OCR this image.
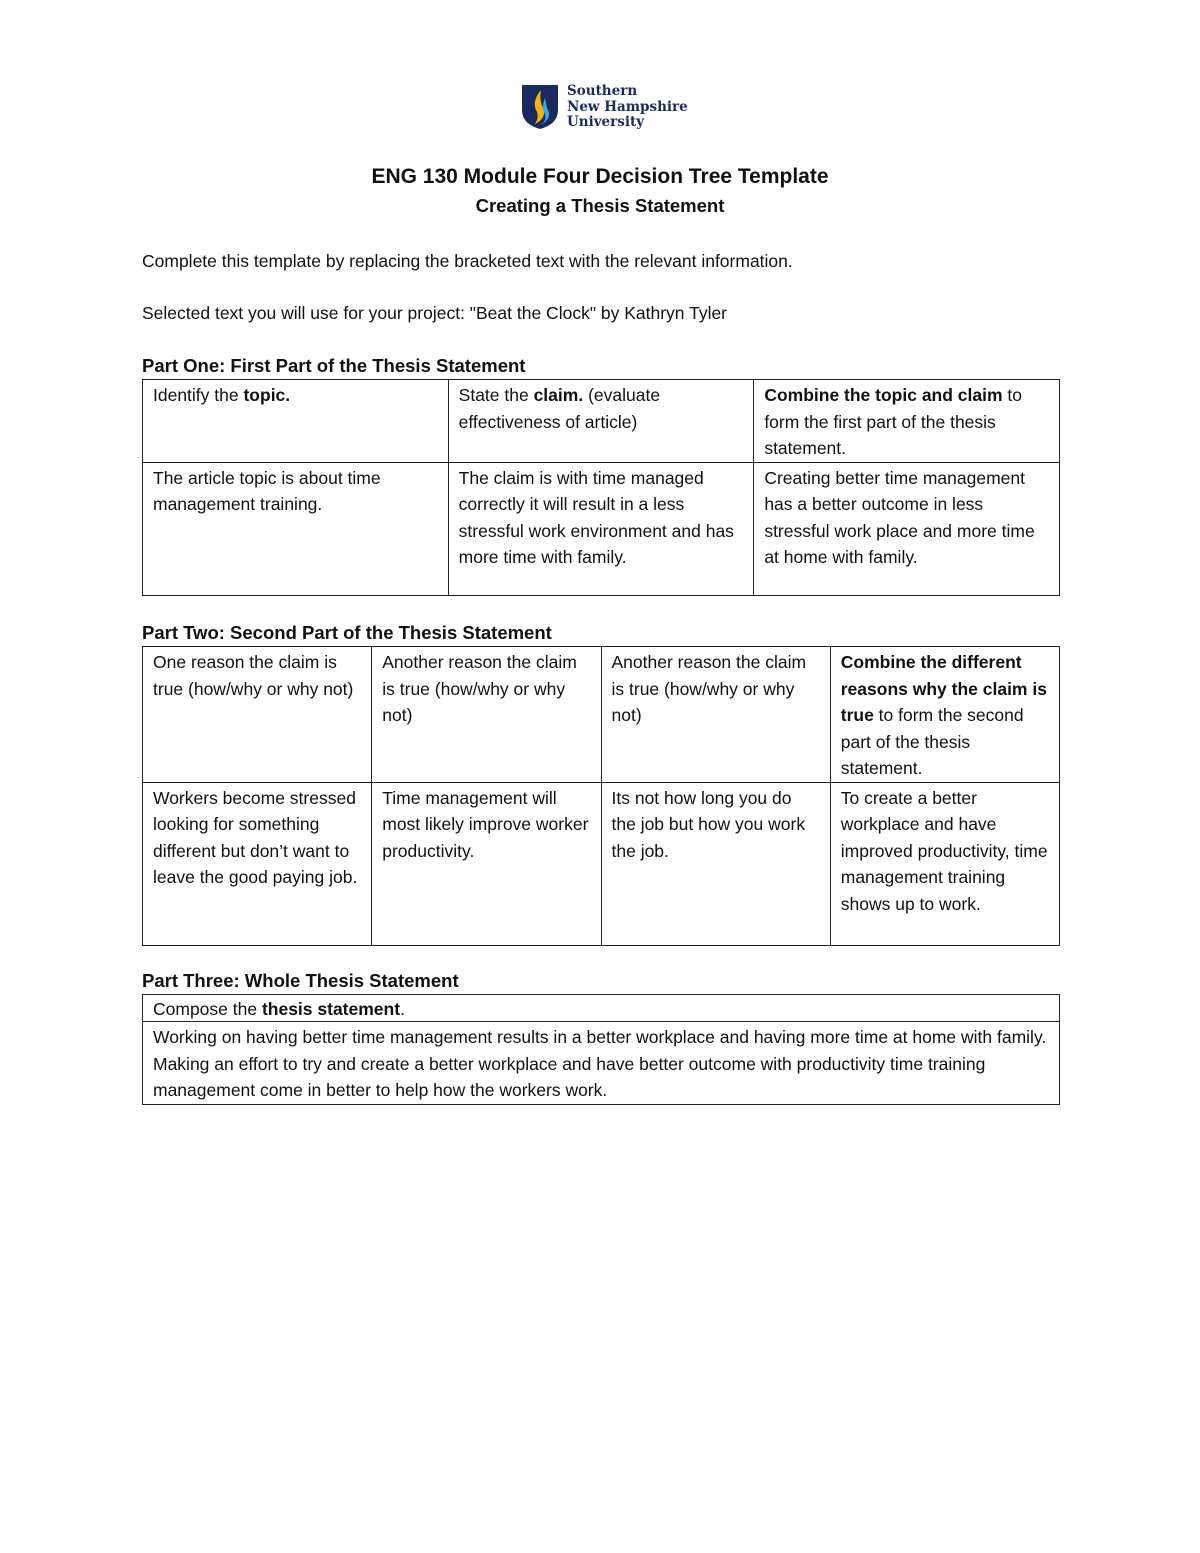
Southern
New Hampshire
University
ENG 130 Module Four Decision Tree Template
Creating a Thesis Statement
Complete this template by replacing the bracketed text with the relevant information.
Selected text you will use for your project: "Beat the Clock" by Kathryn Tyler
Part One: First Part of the Thesis Statement
Identify the topic.	State the claim. (evaluate effectiveness of article)	Combine the topic and claim to form the first part of the thesis statement.
The article topic is about time management training.	The claim is with time managed correctly it will result in a less stressful work environment and has more time with family.	Creating better time management has a better outcome in less stressful work place and more time at home with family.
Part Two: Second Part of the Thesis Statement
One reason the claim is true (how/why or why not)	Another reason the claim is true (how/why or why not)	Another reason the claim is true (how/why or why not)	Combine the different reasons why the claim is true to form the second part of the thesis statement.
Workers become stressed looking for something different but don’t want to leave the good paying job.	Time management will most likely improve worker productivity.	Its not how long you do the job but how you work the job.	To create a better workplace and have improved productivity, time management training shows up to work.
Part Three: Whole Thesis Statement
Compose the thesis statement.
Working on having better time management results in a better workplace and having more time at home with family. Making an effort to try and create a better workplace and have better outcome with productivity time training management come in better to help how the workers work.
